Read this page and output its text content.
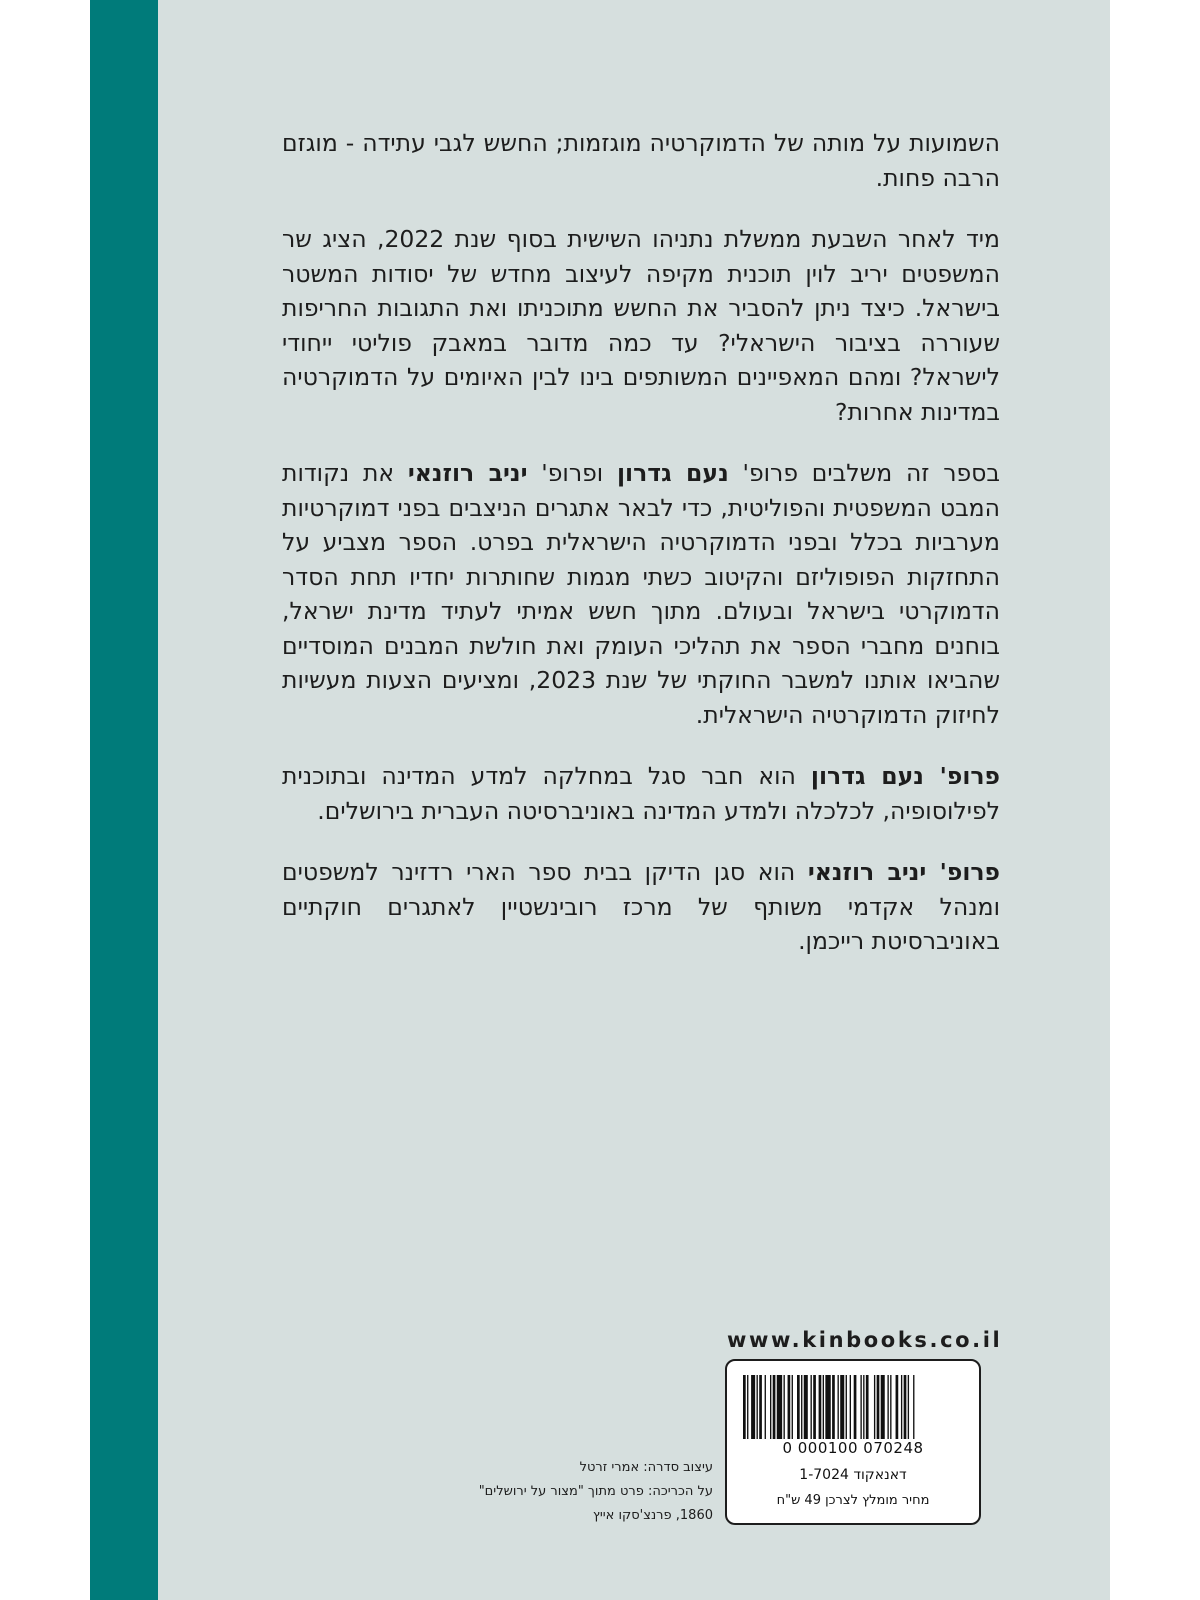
השמועות על מותה של הדמוקרטיה מוגזמות; החשש לגבי עתידה - מוגזם הרבה פחות.

מיד לאחר השבעת ממשלת נתניהו השישית בסוף שנת 2022, הציג שר המשפטים יריב לוין תוכנית מקיפה לעיצוב מחדש של יסודות המשטר בישראל. כיצד ניתן להסביר את החשש מתוכניתו ואת התגובות החריפות שעוררה בציבור הישראלי? עד כמה מדובר במאבק פוליטי ייחודי לישראל? ומהם המאפיינים המשותפים בינו לבין האיומים על הדמוקרטיה במדינות אחרות?

בספר זה משלבים פרופ' נעם גדרון ופרופ' יניב רוזנאי את נקודות המבט המשפטית והפוליטית, כדי לבאר אתגרים הניצבים בפני דמוקרטיות מערביות בכלל ובפני הדמוקרטיה הישראלית בפרט. הספר מצביע על התחזקות הפופוליזם והקיטוב כשתי מגמות שחותרות יחדיו תחת הסדר הדמוקרטי בישראל ובעולם. מתוך חשש אמיתי לעתיד מדינת ישראל, בוחנים מחברי הספר את תהליכי העומק ואת חולשת המבנים המוסדיים שהביאו אותנו למשבר החוקתי של שנת 2023, ומציעים הצעות מעשיות לחיזוק הדמוקרטיה הישראלית.

פרופ' נעם גדרון הוא חבר סגל במחלקה למדע המדינה ובתוכנית לפילוסופיה, לכלכלה ולמדע המדינה באוניברסיטה העברית בירושלים.

פרופ' יניב רוזנאי הוא סגן הדיקן בבית ספר הארי רדזינר למשפטים ומנהל אקדמי משותף של מרכז רובינשטיין לאתגרים חוקתיים באוניברסיטת רייכמן.

www.kinbooks.co.il
0 000100 070248
דאנאקוד 1-7024
מחיר מומלץ לצרכן 49 ש"ח
עיצוב סדרה: אמרי זרטל
על הכריכה: פרט מתוך "מצור על ירושלים"
1860, פרנצ'סקו אייץ
